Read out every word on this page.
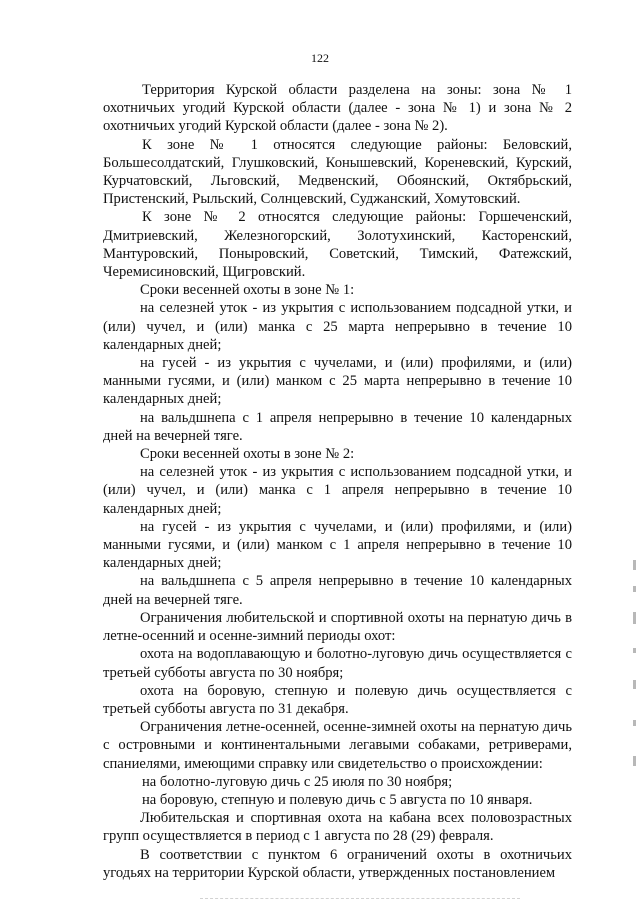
122

Территория Курской области разделена на зоны: зона № 1 охотничьих угодий Курской области (далее - зона № 1) и зона № 2 охотничьих угодий Курской области (далее - зона № 2).

К зоне № 1 относятся следующие районы: Беловский, Большесолдатский, Глушковский, Конышевский, Кореневский, Курский, Курчатовский, Льговский, Медвенский, Обоянский, Октябрьский, Пристенский, Рыльский, Солнцевский, Суджанский, Хомутовский.

К зоне № 2 относятся следующие районы: Горшеченский, Дмитриевский, Железногорский, Золотухинский, Касторенский, Мантуровский, Поныровский, Советский, Тимский, Фатежский, Черемисиновский, Щигровский.

Сроки весенней охоты в зоне № 1:

на селезней уток - из укрытия с использованием подсадной утки, и (или) чучел, и (или) манка с 25 марта непрерывно в течение 10 календарных дней;

на гусей - из укрытия с чучелами, и (или) профилями, и (или) манными гусями, и (или) манком с 25 марта непрерывно в течение 10 календарных дней;

на вальдшнепа с 1 апреля непрерывно в течение 10 календарных дней на вечерней тяге.

Сроки весенней охоты в зоне № 2:

на селезней уток - из укрытия с использованием подсадной утки, и (или) чучел, и (или) манка с 1 апреля непрерывно в течение 10 календарных дней;

на гусей - из укрытия с чучелами, и (или) профилями, и (или) манными гусями, и (или) манком с 1 апреля непрерывно в течение 10 календарных дней;

на вальдшнепа с 5 апреля непрерывно в течение 10 календарных дней на вечерней тяге.

Ограничения любительской и спортивной охоты на пернатую дичь в летне-осенний и осенне-зимний периоды охот:

охота на водоплавающую и болотно-луговую дичь осуществляется с третьей субботы августа по 30 ноября;

охота на боровую, степную и полевую дичь осуществляется с третьей субботы августа по 31 декабря.

Ограничения летне-осенней, осенне-зимней охоты на пернатую дичь с островными и континентальными легавыми собаками, ретриверами, спаниелями, имеющими справку или свидетельство о происхождении:

на болотно-луговую дичь с 25 июля по 30 ноября;

на боровую, степную и полевую дичь с 5 августа по 10 января.

Любительская и спортивная охота на кабана всех половозрастных групп осуществляется в период с 1 августа по 28 (29) февраля.

В соответствии с пунктом 6 ограничений охоты в охотничьих угодьях на территории Курской области, утвержденных постановлением
